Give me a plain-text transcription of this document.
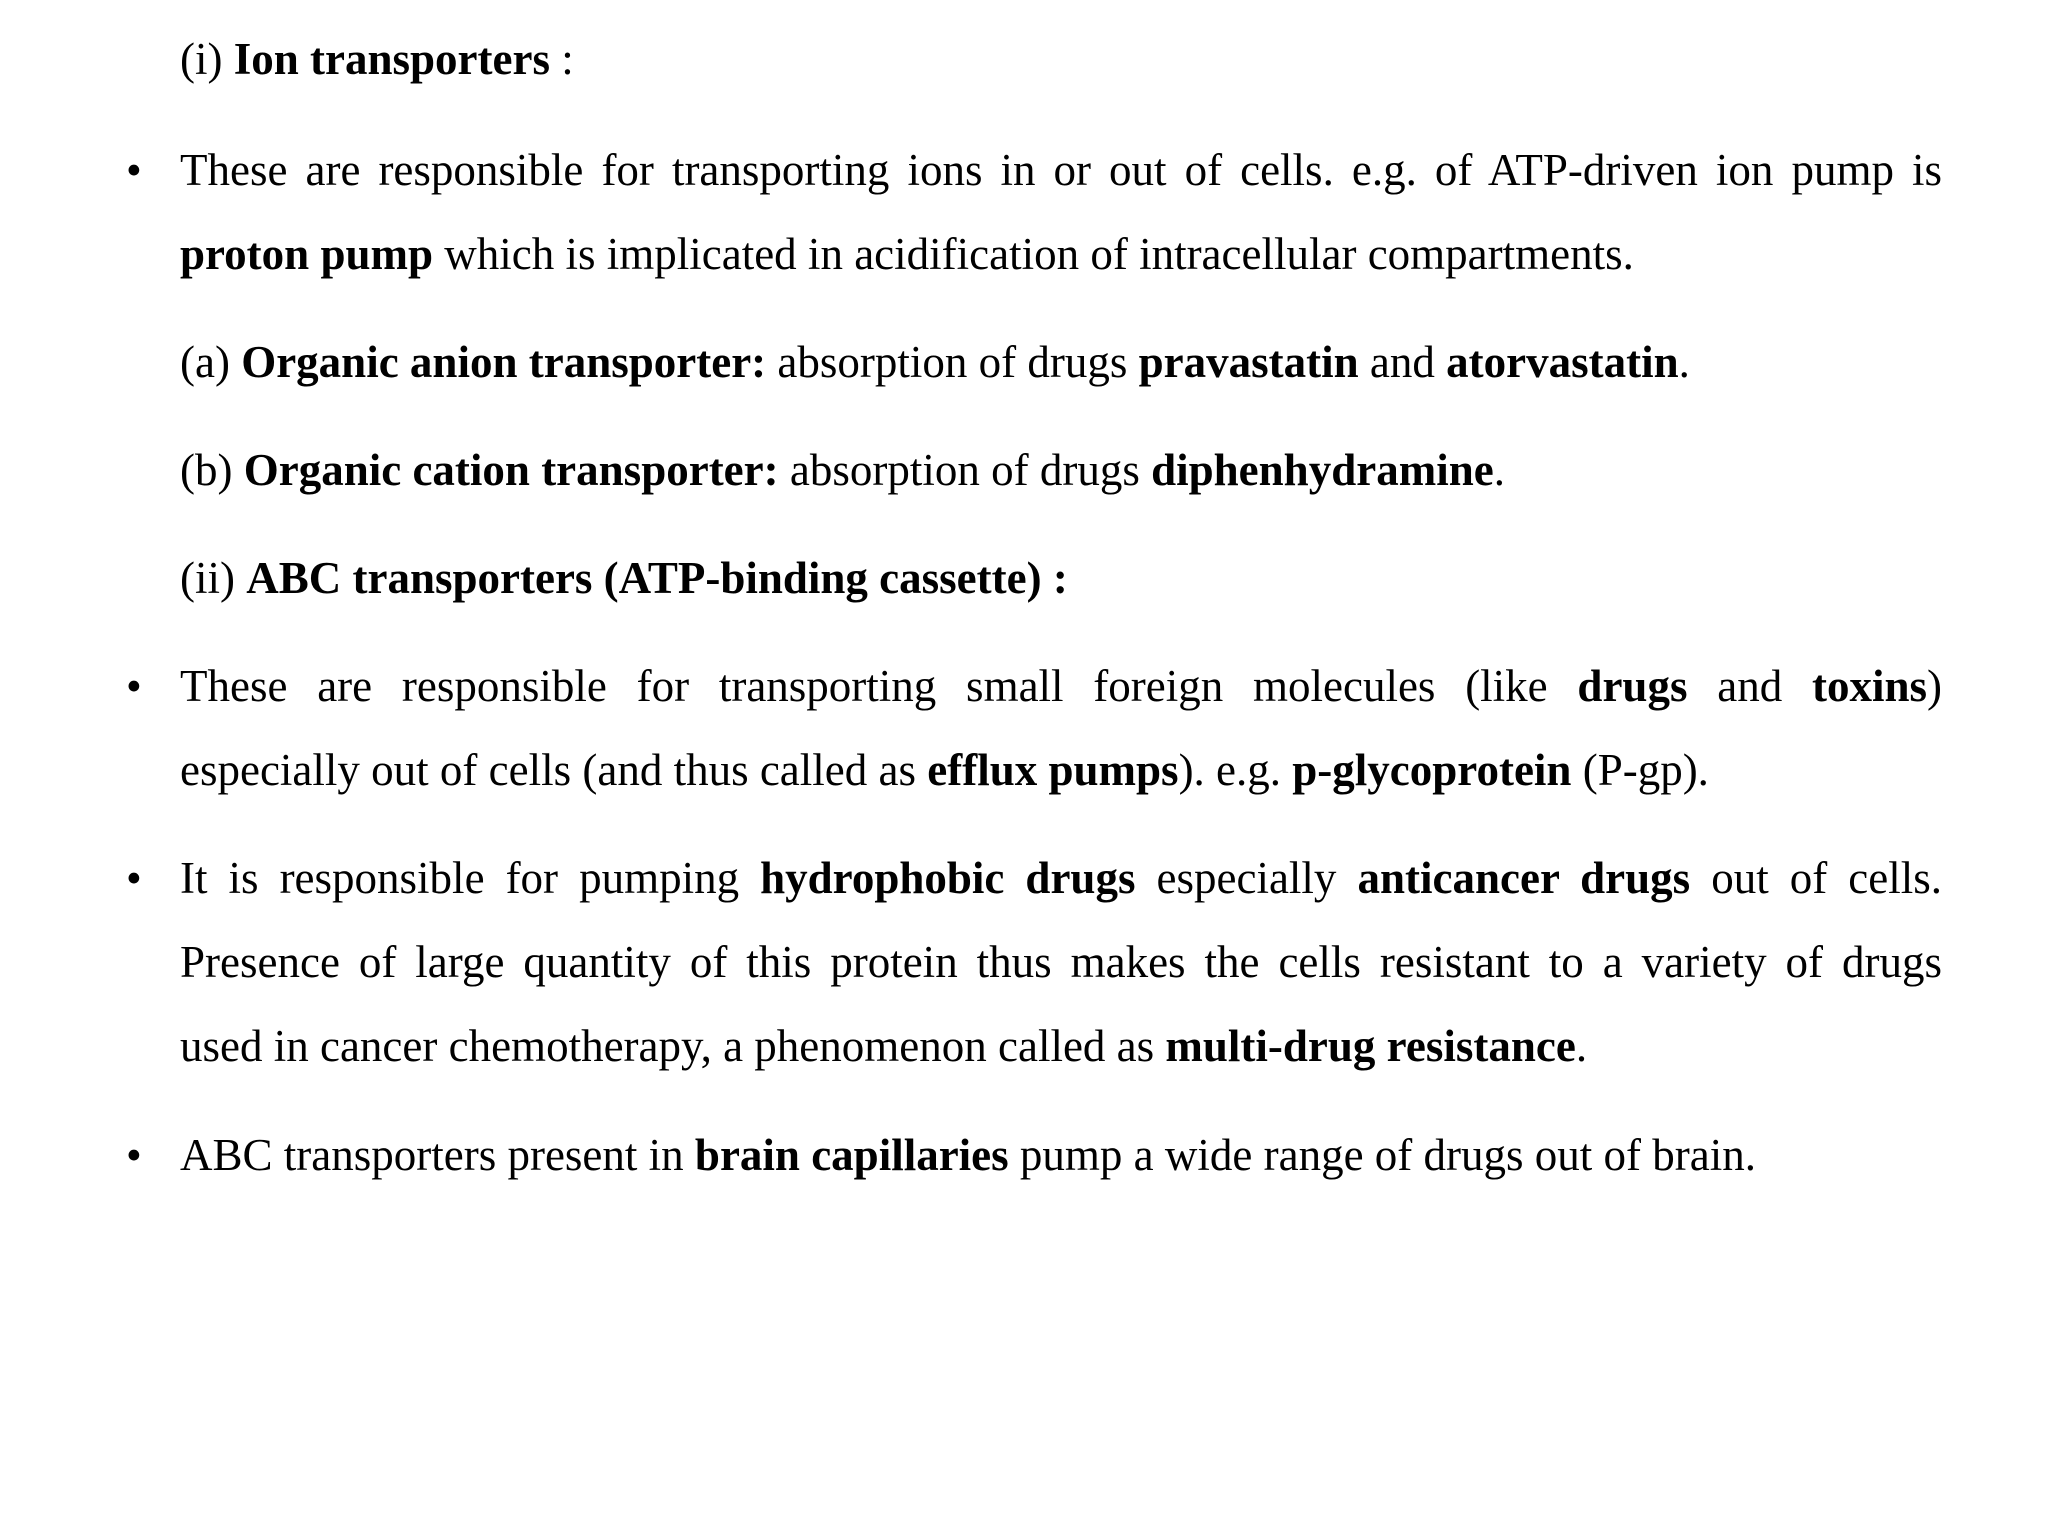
(i) Ion transporters :
• These are responsible for transporting ions in or out of cells. e.g. of ATP-driven ion pump is
proton pump which is implicated in acidification of intracellular compartments.
(a) Organic anion transporter: absorption of drugs pravastatin and atorvastatin.
(b) Organic cation transporter: absorption of drugs diphenhydramine.
(ii) ABC transporters (ATP-binding cassette) :
• These are responsible for transporting small foreign molecules (like drugs and toxins)
especially out of cells (and thus called as efflux pumps). e.g. p-glycoprotein (P-gp).
• It is responsible for pumping hydrophobic drugs especially anticancer drugs out of cells.
Presence of large quantity of this protein thus makes the cells resistant to a variety of drugs
used in cancer chemotherapy, a phenomenon called as multi-drug resistance.
• ABC transporters present in brain capillaries pump a wide range of drugs out of brain.
